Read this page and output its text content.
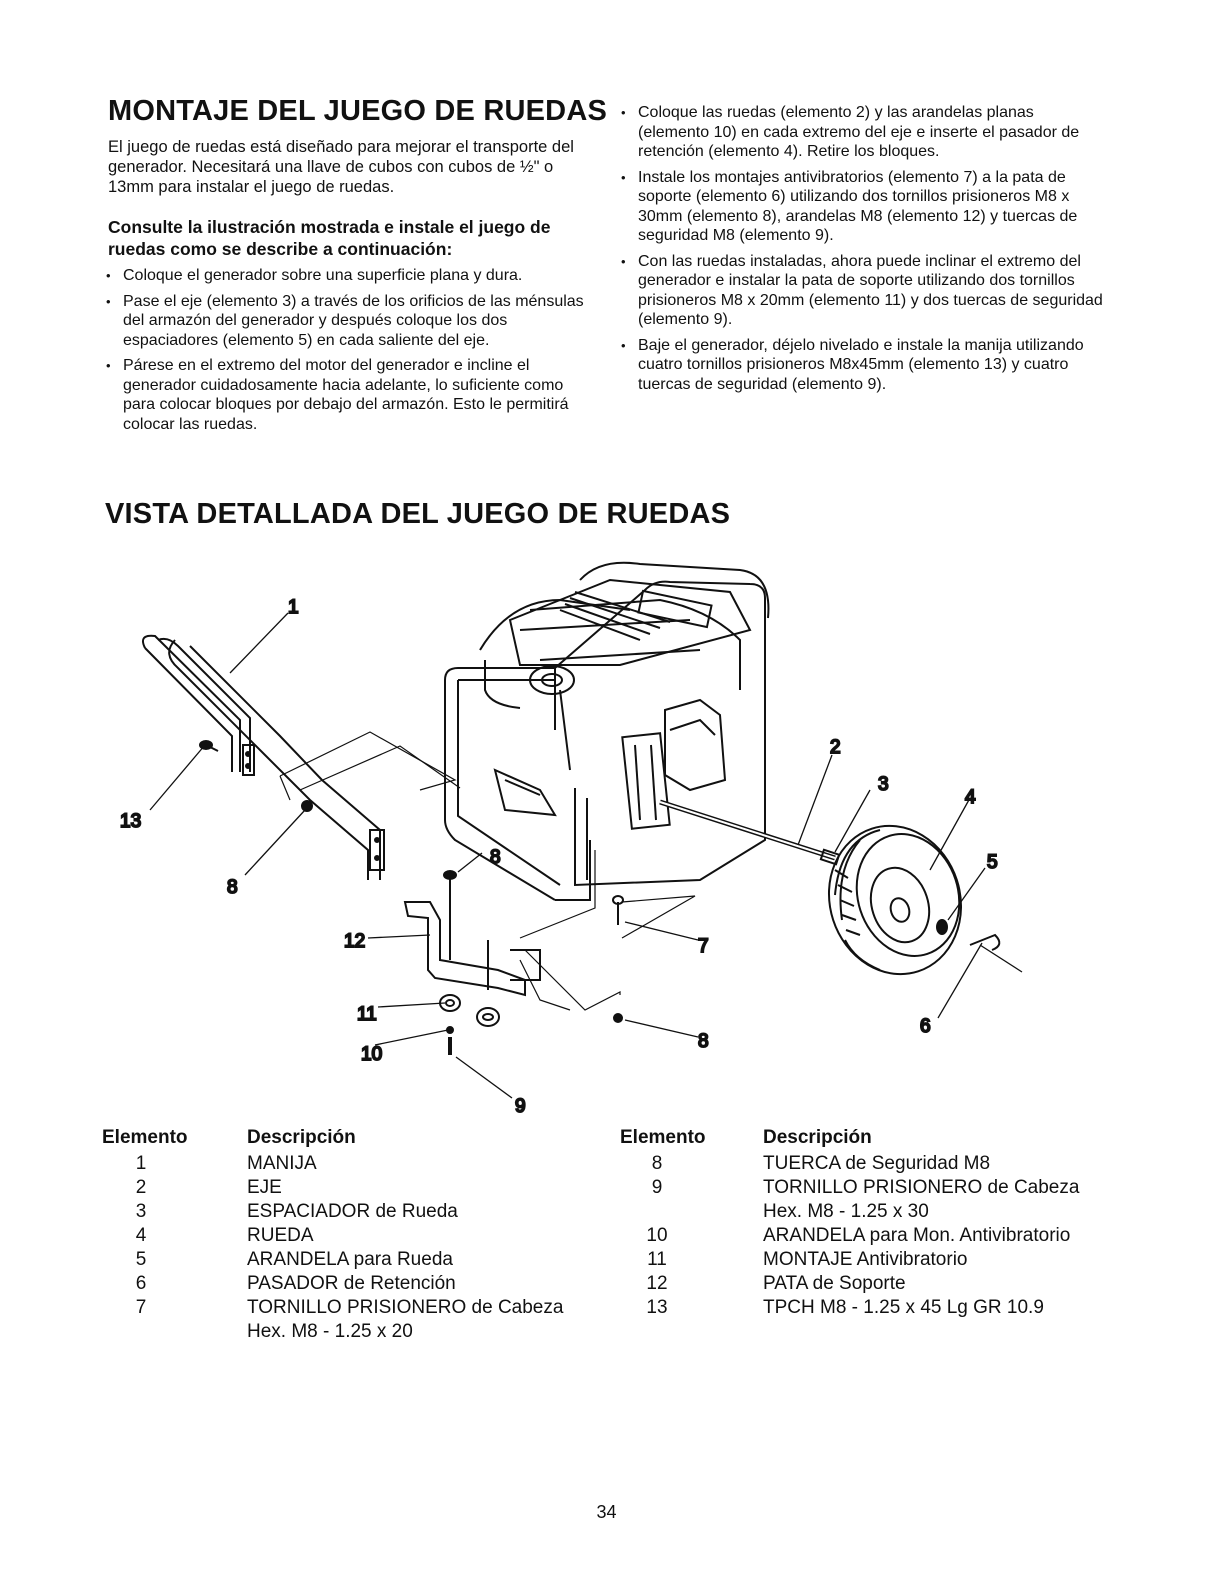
MONTAJE DEL JUEGO DE RUEDAS

El juego de ruedas está diseñado para mejorar el transporte del generador. Necesitará una llave de cubos con cubos de ½" o 13mm para instalar el juego de ruedas.

Consulte la ilustración mostrada e instale el juego de ruedas como se describe a continuación:

• Coloque el generador sobre una superficie plana y dura.
• Pase el eje (elemento 3) a través de los orificios de las ménsulas del armazón del generador y después coloque los dos espaciadores (elemento 5) en cada saliente del eje.
• Párese en el extremo del motor del generador e incline el generador cuidadosamente hacia adelante, lo suficiente como para colocar bloques por debajo del armazón. Esto le permitirá colocar las ruedas.
• Coloque las ruedas (elemento 2) y las arandelas planas (elemento 10) en cada extremo del eje e inserte el pasador de retención (elemento 4). Retire los bloques.
• Instale los montajes antivibratorios (elemento 7) a la pata de soporte (elemento 6) utilizando dos tornillos prisioneros M8 x 30mm (elemento 8), arandelas M8 (elemento 12) y tuercas de seguridad M8 (elemento 9).
• Con las ruedas instaladas, ahora puede inclinar el extremo del generador e instalar la pata de soporte utilizando dos tornillos prisioneros M8 x 20mm (elemento 11) y dos tuercas de seguridad (elemento 9).
• Baje el generador, déjelo nivelado e instale la manija utilizando cuatro tornillos prisioneros M8x45mm (elemento 13) y cuatro tuercas de seguridad (elemento 9).
VISTA DETALLADA DEL JUEGO DE RUEDAS
1
13
8
12
11
10
9
8
7
8
2
3
4
5
6
Elemento	Descripción
1	MANIJA
2	EJE
3	ESPACIADOR de Rueda
4	RUEDA
5	ARANDELA para Rueda
6	PASADOR de Retención
7	TORNILLO PRISIONERO de Cabeza
Hex. M8 - 1.25 x 20
Elemento	Descripción
8	TUERCA de Seguridad M8
9	TORNILLO PRISIONERO de Cabeza
Hex. M8 - 1.25 x 30
10	ARANDELA para Mon. Antivibratorio
11	MONTAJE Antivibratorio
12	PATA de Soporte
13	TPCH M8 - 1.25 x 45 Lg GR 10.9
34
